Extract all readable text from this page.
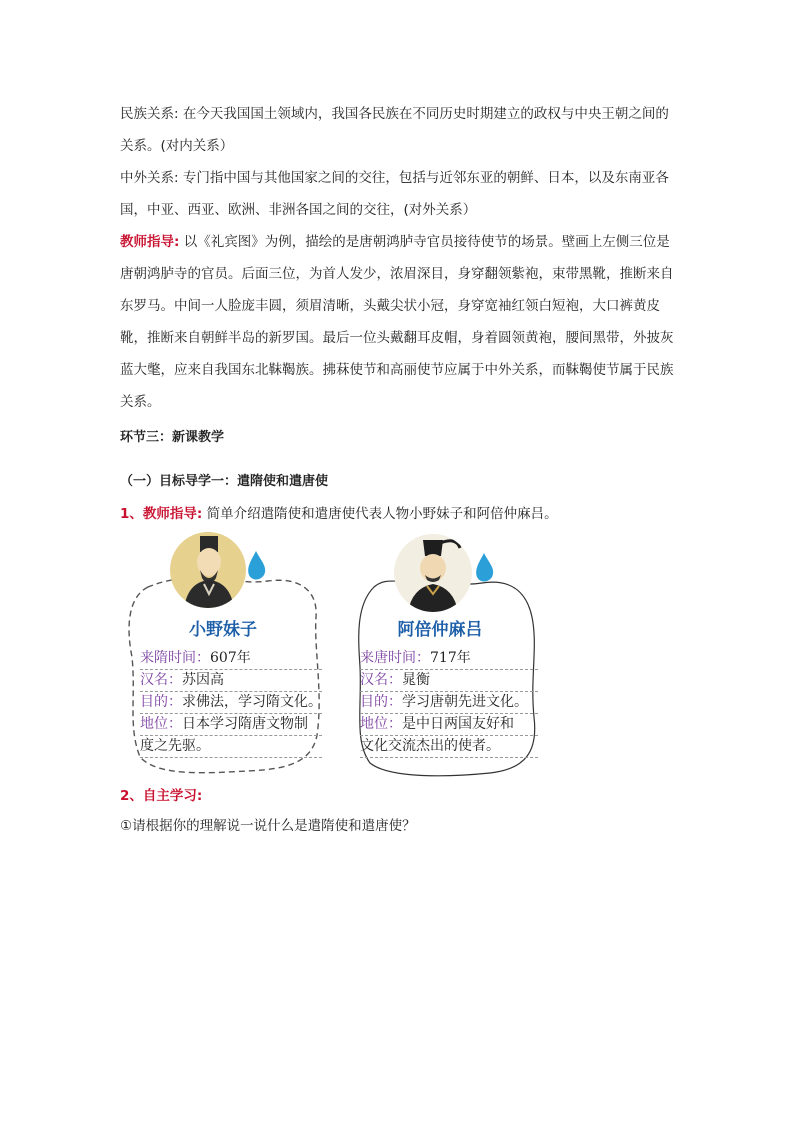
民族关系: 在今天我国国土领域内，我国各民族在不同历史时期建立的政权与中央王朝之间的关系。(对内关系）
中外关系: 专门指中国与其他国家之间的交往，包括与近邻东亚的朝鲜、日本，以及东南亚各国，中亚、西亚、欧洲、非洲各国之间的交往，(对外关系）
教师指导: 以《礼宾图》为例，描绘的是唐朝鸿胪寺官员接待使节的场景。壁画上左侧三位是唐朝鸿胪寺的官员。后面三位，为首人发少，浓眉深目，身穿翻领紫袍，束带黑靴，推断来自东罗马。中间一人脸庞丰圆，须眉清晰，头戴尖状小冠，身穿宽袖红领白短袍，大口裤黄皮靴，推断来自朝鲜半岛的新罗国。最后一位头戴翻耳皮帽，身着圆领黄袍，腰间黑带，外披灰蓝大氅，应来自我国东北靺鞨族。拂菻使节和高丽使节应属于中外关系，而靺鞨使节属于民族关系。
环节三：新课教学
（一）目标导学一：遣隋使和遣唐使
1、教师指导: 简单介绍遣隋使和遣唐使代表人物小野妹子和阿倍仲麻吕。
小野妹子
来隋时间：607年
汉名：苏因高
目的：求佛法，学习隋文化。
地位：日本学习隋唐文物制
度之先驱。
阿倍仲麻吕
来唐时间：717年
汉名：晁衡
目的：学习唐朝先进文化。
地位：是中日两国友好和
文化交流杰出的使者。
2、自主学习:
①请根据你的理解说一说什么是遣隋使和遣唐使？
